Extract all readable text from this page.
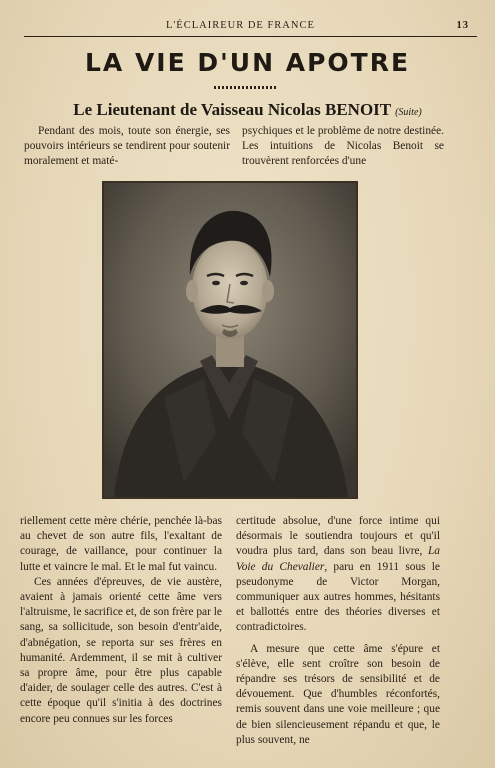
L'ÉCLAIREUR DE FRANCE	13
LA VIE D'UN APOTRE
Le Lieutenant de Vaisseau Nicolas BENOIT (Suite)

Pendant des mois, toute son énergie, ses pouvoirs intérieurs se tendirent pour soutenir moralement et maté-

psychiques et le problème de notre destinée. Les intuitions de Nicolas Benoit se trouvèrent renforcées d'une

riellement cette mère chérie, penchée là-bas au chevet de son autre fils, l'exaltant de courage, de vaillance, pour continuer la lutte et vaincre le mal. Et le mal fut vaincu.

Ces années d'épreuves, de vie austère, avaient à jamais orienté cette âme vers l'altruisme, le sacrifice et, de son frère par le sang, sa sollicitude, son besoin d'entr'aide, d'abnégation, se reporta sur ses frères en humanité. Ardemment, il se mit à cultiver sa propre âme, pour être plus capable d'aider, de soulager celle des autres. C'est à cette époque qu'il s'initia à des doctrines encore peu connues sur les forces

certitude absolue, d'une force intime qui désormais le soutiendra toujours et qu'il voudra plus tard, dans son beau livre, La Voie du Chevalier, paru en 1911 sous le pseudonyme de Victor Morgan, communiquer aux autres hommes, hésitants et ballottés entre des théories diverses et contradictoires.

A mesure que cette âme s'épure et s'élève, elle sent croître son besoin de répandre ses trésors de sensibilité et de dévouement. Que d'humbles réconfortés, remis souvent dans une voie meilleure ; que de bien silencieusement répandu et que, le plus souvent, ne
